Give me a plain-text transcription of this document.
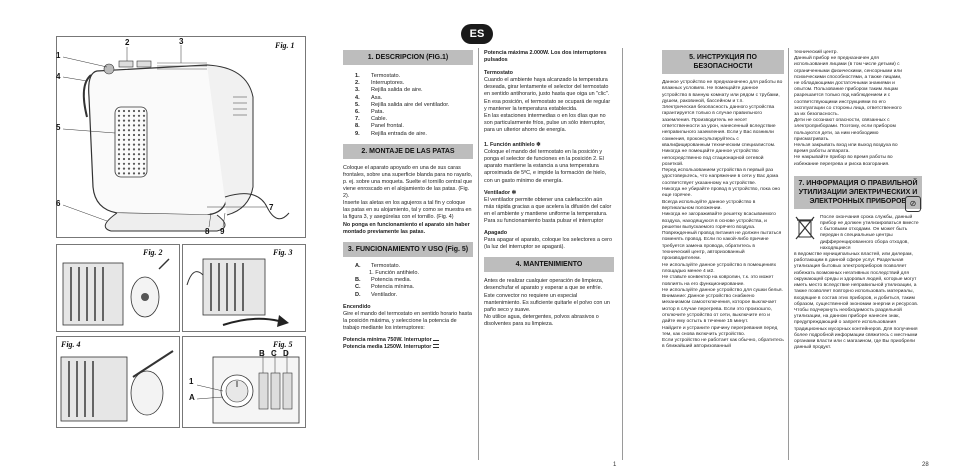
Fig. 1
1
2	3
4
5
6	7
8 9
Fig. 2	Fig. 3
Fig. 4	Fig. 5
B C D
1
A
ES
1. DESCRIPCION (FIG.1)
1.	Termostato.
2.	Interruptores.
3.	Rejilla salida de aire.
4.	Asa.
5.	Rejilla salida aire del ventilador.
6.	Pata.
7.	Cable.
8.	Panel frontal.
9.	Rejilla entrada de aire.
2. MONTAJE DE LAS PATAS
Coloque el aparato apoyado en una de sus caras frontales, sobre una superficie blanda para no rayarlo, p. ej. sobre una moqueta. Suelte el tornillo central que viene enroscado en el alojamiento de las patas. (Fig. 2).
Inserte las aletas en los agujeros a tal fin y coloque las patas en su alojamiento, tal y como se muestra en la figura 3, y asegúrelas con el tornillo. (Fig. 4)
No ponga en funcionamiento el aparato sin haber montado previamente las patas.
3. FUNCIONAMIENTO Y USO (Fig. 5)
A.	Termostato.
1. Función antihielo.
B.	Potencia media.
C.	Potencia mínima.
D.	Ventilador.
Encendido
Gire el mando del termostato en sentido horario hasta la posición máxima, y seleccione la potencia de trabajo mediante los interruptores:
Potencia mínima 750W. Interruptor
Potencia media 1250W. Interruptor
Potencia máxima 2.000W. Los dos interruptores pulsados
Termostato
Cuando el ambiente haya alcanzado la temperatura deseada, girar lentamente el selector del termostato en sentido antihorario, justo hasta que oiga un "clic". En esa posición, el termostato se ocupará de regular y mantener la temperatura establecida.
En las estaciones intermedias o en los días que no son particularmente fríos, pulse un sólo interruptor, para un ulterior ahorro de energía.
1. Función antihielo ❄
Coloque el mando del termostato en la posición y ponga el selector de funciones en la posición 2. El aparato mantiene la estancia a una temperatura aproximada de 5ºC, e impide la formación de hielo, con un gasto mínimo de energía.
Ventilador ✻
El ventilador permite obtener una calefacción aún más rápida gracias a que acelera la difusión del calor en el ambiente y mantiene uniforme la temperatura.
Para su funcionamiento basta pulsar el interruptor
Apagado
Para apagar el aparato, coloque los selectores a cero (la luz del interruptor se apagará).
4. MANTENIMIENTO
Antes de realizar cualquier operación de limpieza, desenchufar el aparato y esperar a que se enfríe.
Este convector no requiere un especial mantenimiento. Es suficiente quitarle el polvo con un paño seco y suave.
No utilice agua, detergentes, polvos abrasivos o disolventes para su limpieza.
1
5. ИНСТРУКЦИЯ ПО БЕЗОПАСНОСТИ
Данное устройство не предназначено для работы во влажных условиях. Не помещайте данное устройство в ванную комнату или рядом с трубами, душем, раковиной, бассейном и т.п.
Электрическая безопасность данного устройства гарантируется только в случае правильного заземления. Производитель не несет ответственности за урон, нанесенный вследствие неправильного заземления. Если у Вас возникли сомнения, проконсультируйтесь с квалифицированным техническим специалистом.
Никогда не помещайте данное устройство непосредственно под стационарной сетевой розеткой.
Перед использованием устройства в первый раз удостоверьтесь, что напряжение в сети у Вас дома соответствует указанному на устройстве.
Никогда не убирайте провод в устройство, пока оно еще горячее.
Всегда используйте данное устройство в вертикальном положении.
Никогда не загораживайте решетку всасываемого воздуха, находящуюся в основе устройства, и решетки выпускаемого горячего воздуха.
Поврежденный провод питания не должен пытаться поменять провод. Если по какой-либо причине требуется замена провода, обратитесь в технический центр, авторизованный производителем.
Не используйте данное устройство в помещениях площадью менее 4 м2.
Не ставьте конвектор на ковролин, т.к. это может повлиять на его функционирование.
Не используйте данное устройство для сушки белья.
Внимание: Данное устройство снабжено механизмом самоотключения, которое выключает мотор в случае перегрева. Если это произошло, отключите устройство от сети, выключите его и дайте ему остыть в течение 15 минут.
Найдите и устраните причину перегревания перед тем, как снова включить устройство.
Если устройство не работает как обычно, обратитесь в ближайший авторизованный
технический центр.
Данный прибор не предназначен для использования лицами (в том числе детьми) с ограниченными физическими, сенсорными или психическими способностями, а также лицами, не обладающими достаточными знаниями и опытом. Пользование прибором таким лицам разрешается только под наблюдением и с соответствующими инструкциями по его эксплуатации со стороны лица, ответственного за их безопасность.
Дети не осознают опасности, связанных с электроприборами. Поэтому, если прибором пользуются дети, за ним необходимо присматривать.
Нельзя закрывать вход или выход воздуха во время работы аппарата.
Не накрывайте прибор во время работы во избежание перегрева и риска возгорания.
⊘
7. ИНФОРМАЦИЯ О ПРАВИЛЬНОЙ УТИЛИЗАЦИИ ЭЛЕКТРИЧЕСКИХ И ЭЛЕКТРОННЫХ ПРИБОРОВ
После окончания срока службы, данный прибор не должен утилизироваться вместе с бытовыми отходами. Он может быть передан в специальные центры дифференцированного сбора отходов, находящиеся
в ведомстве муниципальных властей, или дилерам, работающим в данной сфере услуг. Раздельная утилизация бытовых электроприборов позволяет избежать возможных негативных последствий для окружающей среды и здоровья людей, которые могут иметь место вследствие неправильной утилизации, а также позволяет повторно использовать материалы, входящие в состав этих приборов, и добиться, таким образом, существенной экономии энергии и ресурсов. Чтобы подчеркнуть необходимость раздельной утилизации, на данном приборе нанесен знак, предупреждающий о запрете использования традиционных мусорных контейнеров. Для получения более подробной информации свяжитесь с местными органами власти или с магазином, где Вы приобрели данный продукт.
28
